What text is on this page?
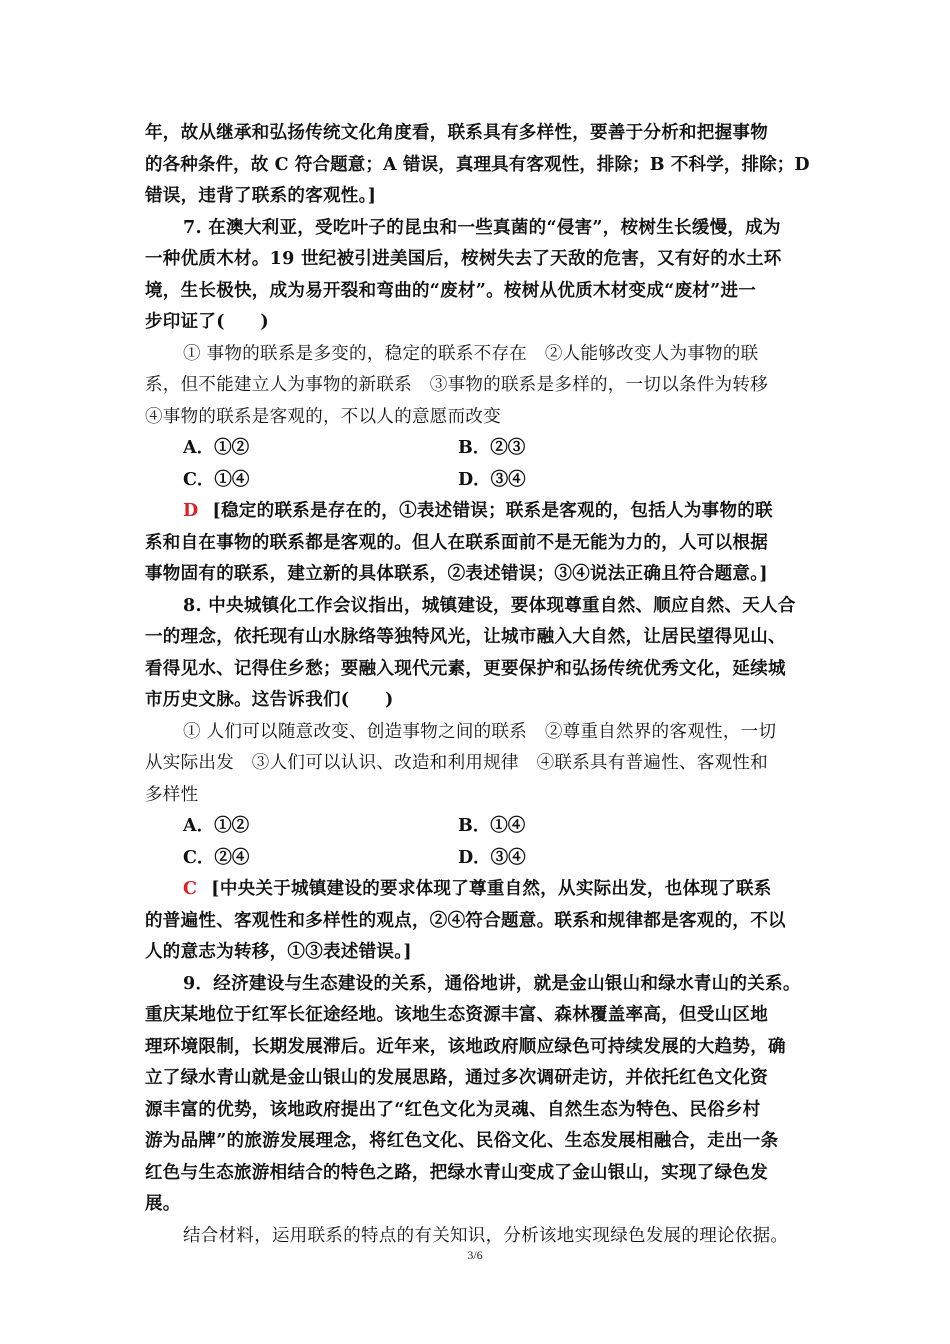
年，故从继承和弘扬传统文化角度看，联系具有多样性，要善于分析和把握事物
的各种条件，故 C 符合题意；A 错误，真理具有客观性，排除；B 不科学，排除；D
错误，违背了联系的客观性。]
7. 在澳大利亚，受吃叶子的昆虫和一些真菌的“侵害”，桉树生长缓慢，成为
一种优质木材。19 世纪被引进美国后，桉树失去了天敌的危害，又有好的水土环
境，生长极快，成为易开裂和弯曲的“废材”。桉树从优质木材变成“废材”进一
步印证了(　　)
① 事物的联系是多变的，稳定的联系不存在　②人能够改变人为事物的联
系，但不能建立人为事物的新联系　③事物的联系是多样的，一切以条件为转移
④事物的联系是客观的，不以人的意愿而改变
A．①②	B．②③
C．①④	D．③④
D [稳定的联系是存在的，①表述错误；联系是客观的，包括人为事物的联
系和自在事物的联系都是客观的。但人在联系面前不是无能为力的，人可以根据
事物固有的联系，建立新的具体联系，②表述错误；③④说法正确且符合题意。]
8. 中央城镇化工作会议指出，城镇建设，要体现尊重自然、顺应自然、天人合
一的理念，依托现有山水脉络等独特风光，让城市融入大自然，让居民望得见山、
看得见水、记得住乡愁；要融入现代元素，更要保护和弘扬传统优秀文化，延续城
市历史文脉。这告诉我们(　　)
① 人们可以随意改变、创造事物之间的联系　②尊重自然界的客观性，一切
从实际出发　③人们可以认识、改造和利用规律　④联系具有普遍性、客观性和
多样性
A．①②	B．①④
C．②④	D．③④
C [中央关于城镇建设的要求体现了尊重自然，从实际出发，也体现了联系
的普遍性、客观性和多样性的观点，②④符合题意。联系和规律都是客观的，不以
人的意志为转移，①③表述错误。]
9．经济建设与生态建设的关系，通俗地讲，就是金山银山和绿水青山的关系。
重庆某地位于红军长征途经地。该地生态资源丰富、森林覆盖率高，但受山区地
理环境限制，长期发展滞后。近年来，该地政府顺应绿色可持续发展的大趋势，确
立了绿水青山就是金山银山的发展思路，通过多次调研走访，并依托红色文化资
源丰富的优势，该地政府提出了“红色文化为灵魂、自然生态为特色、民俗乡村
游为品牌”的旅游发展理念，将红色文化、民俗文化、生态发展相融合，走出一条
红色与生态旅游相结合的特色之路，把绿水青山变成了金山银山，实现了绿色发
展。
结合材料，运用联系的特点的有关知识，分析该地实现绿色发展的理论依据。
3/6
